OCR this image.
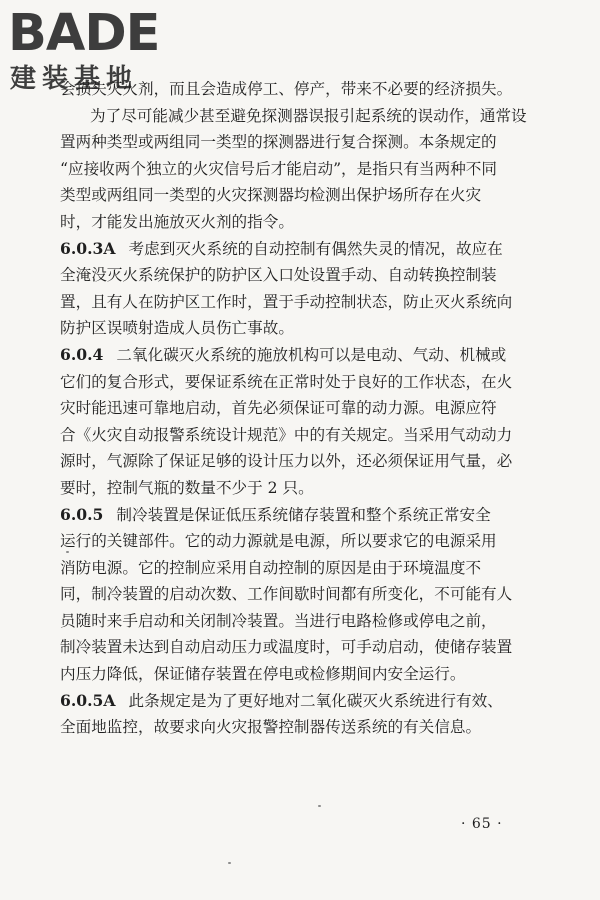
BADE
建装基地
会损失灭火剂，而且会造成停工、停产，带来不必要的经济损失。
为了尽可能减少甚至避免探测器误报引起系统的误动作，通常设
置两种类型或两组同一类型的探测器进行复合探测。本条规定的
“应接收两个独立的火灾信号后才能启动”，是指只有当两种不同
类型或两组同一类型的火灾探测器均检测出保护场所存在火灾
时，才能发出施放灭火剂的指令。
6.0.3A 考虑到灭火系统的自动控制有偶然失灵的情况，故应在
全淹没灭火系统保护的防护区入口处设置手动、自动转换控制装
置，且有人在防护区工作时，置于手动控制状态，防止灭火系统向
防护区误喷射造成人员伤亡事故。
6.0.4 二氧化碳灭火系统的施放机构可以是电动、气动、机械或
它们的复合形式，要保证系统在正常时处于良好的工作状态，在火
灾时能迅速可靠地启动，首先必须保证可靠的动力源。电源应符
合《火灾自动报警系统设计规范》中的有关规定。当采用气动动力
源时，气源除了保证足够的设计压力以外，还必须保证用气量，必
要时，控制气瓶的数量不少于 2 只。
6.0.5 制冷装置是保证低压系统储存装置和整个系统正常安全
运行的关键部件。它的动力源就是电源，所以要求它的电源采用
消防电源。它的控制应采用自动控制的原因是由于环境温度不
同，制冷装置的启动次数、工作间歇时间都有所变化，不可能有人
员随时来手启动和关闭制冷装置。当进行电路检修或停电之前，
制冷装置未达到自动启动压力或温度时，可手动启动，使储存装置
内压力降低，保证储存装置在停电或检修期间内安全运行。
6.0.5A 此条规定是为了更好地对二氧化碳灭火系统进行有效、
全面地监控，故要求向火灾报警控制器传送系统的有关信息。
· 65 ·
